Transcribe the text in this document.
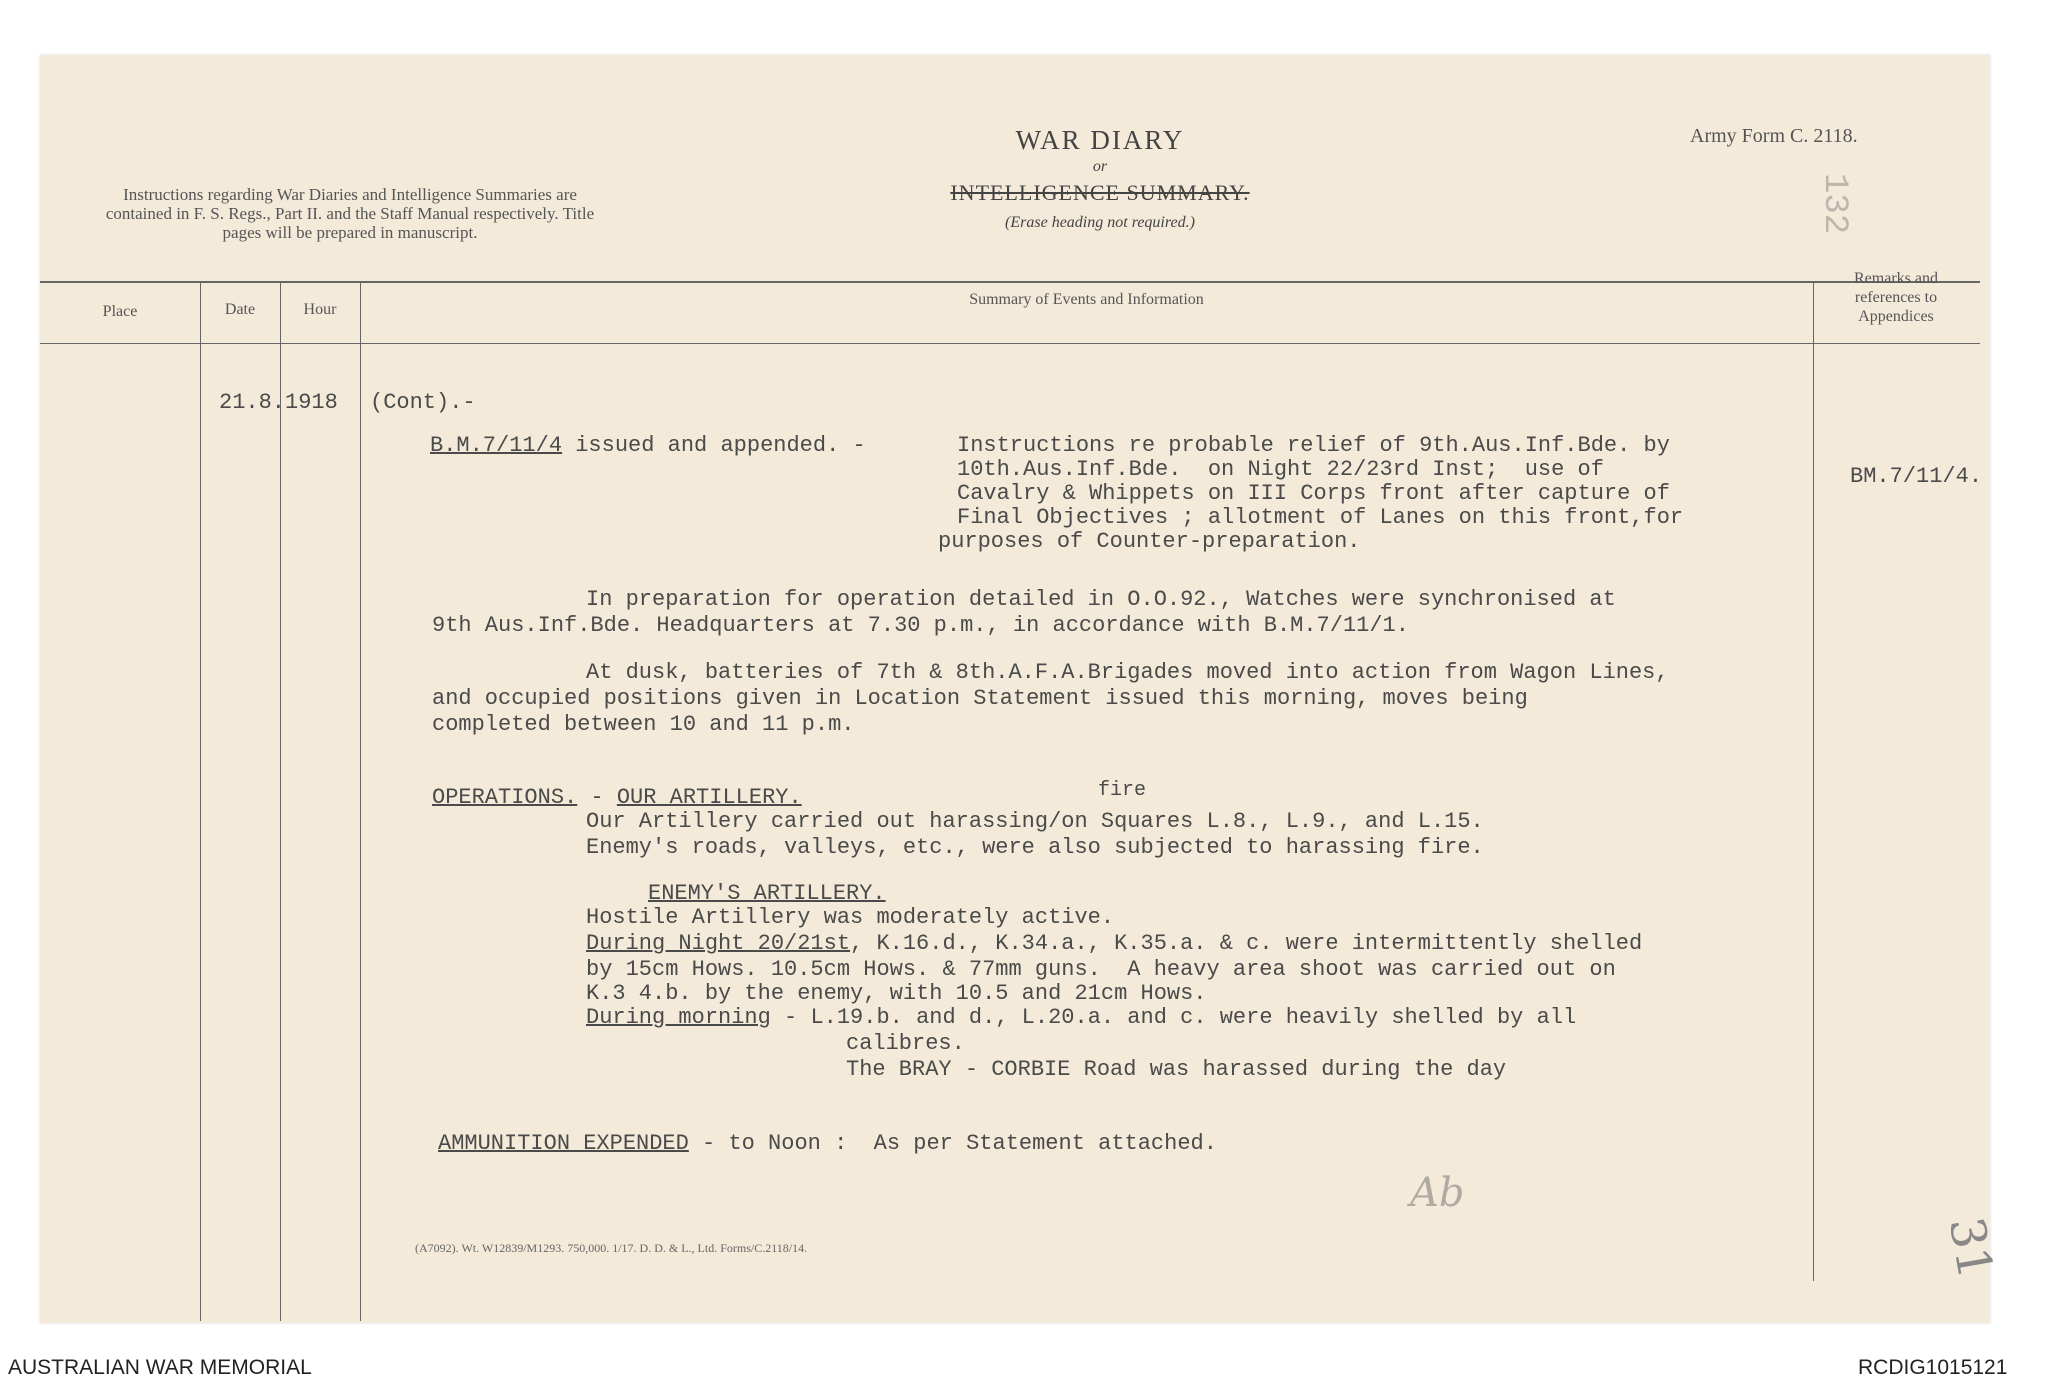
Instructions regarding War Diaries and Intelligence Summaries are contained in F. S. Regs., Part II. and the Staff Manual respectively. Title pages will be prepared in manuscript.
WAR DIARY
or
INTELLIGENCE SUMMARY.
(Erase heading not required.)
Army Form C. 2118.
132
Place	Date	Hour
Summary of Events and Information
Remarks and references to Appendices
21.8.1918 (Cont).-
B.M.7/11/4 issued and appended. -	Instructions re probable relief of 9th.Aus.Inf.Bde. by
10th.Aus.Inf.Bde.  on Night 22/23rd Inst;  use of
Cavalry & Whippets on III Corps front after capture of
Final Objectives ; allotment of Lanes on this front,for
purposes of Counter-preparation.
BM.7/11/4.
In preparation for operation detailed in O.O.92., Watches were synchronised at
9th Aus.Inf.Bde. Headquarters at 7.30 p.m., in accordance with B.M.7/11/1.
At dusk, batteries of 7th & 8th.A.F.A.Brigades moved into action from Wagon Lines,
and occupied positions given in Location Statement issued this morning, moves being
completed between 10 and 11 p.m.
OPERATIONS. - OUR ARTILLERY.	fire
Our Artillery carried out harassing/on Squares L.8., L.9., and L.15.
Enemy's roads, valleys, etc., were also subjected to harassing fire.
ENEMY'S ARTILLERY.
Hostile Artillery was moderately active.
During Night 20/21st, K.16.d., K.34.a., K.35.a. & c. were intermittently shelled
by 15cm Hows. 10.5cm Hows. & 77mm guns.  A heavy area shoot was carried out on
K.3 4.b. by the enemy, with 10.5 and 21cm Hows.
During morning - L.19.b. and d., L.20.a. and c. were heavily shelled by all
calibres.
The BRAY - CORBIE Road was harassed during the day
AMMUNITION EXPENDED - to Noon :  As per Statement attached.
Ab
31
(A7092). Wt. W12839/M1293. 750,000. 1/17. D. D. & L., Ltd. Forms/C.2118/14.
AUSTRALIAN WAR MEMORIAL	RCDIG1015121
